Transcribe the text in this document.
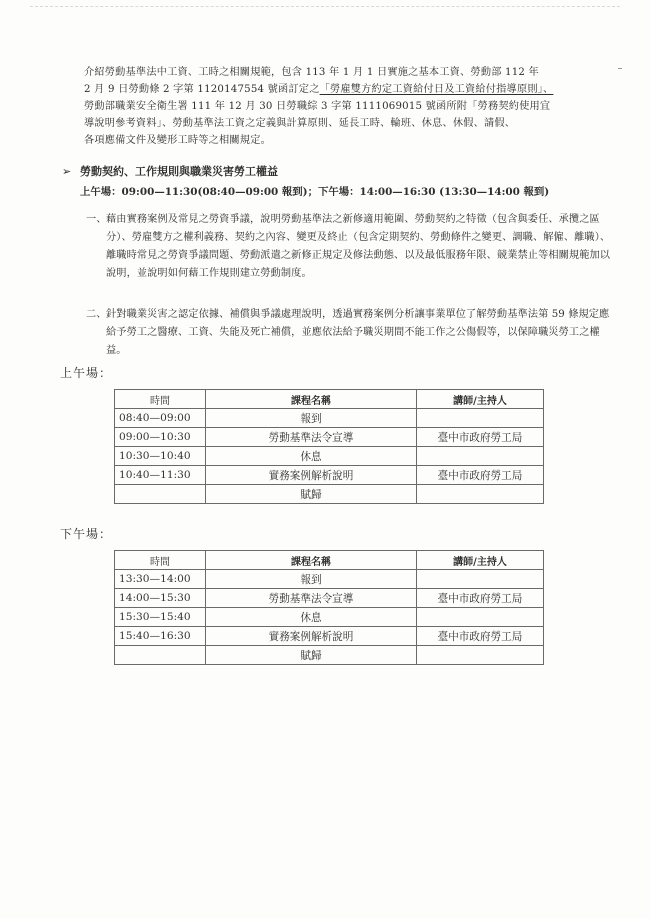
介紹勞動基準法中工資、工時之相關規範，包含 113 年 1 月 1 日實施之基本工資、勞動部 112 年
2 月 9 日勞動條 2 字第 1120147554 號函訂定之「勞雇雙方約定工資給付日及工資給付指導原則」、
勞動部職業安全衛生署 111 年 12 月 30 日勞職綜 3 字第 1111069015 號函所附「勞務契約使用宜
導說明參考資料」、勞動基準法工資之定義與計算原則、延長工時、輪班、休息、休假、請假、
各項應備文件及變形工時等之相關規定。
➢ 勞動契約、工作規則與職業災害勞工權益
上午場：09:00—11:30(08:40—09:00 報到)；下午場：14:00—16:30 (13:30—14:00 報到)
一、 藉由實務案例及常見之勞資爭議，說明勞動基準法之新修適用範圍、勞動契約之特徵（包含與委任、承攬之區分）、勞雇雙方之權利義務、契約之內容、變更及終止（包含定期契約、勞動條件之變更、調職、解僱、離職）、離職時常見之勞資爭議問題、勞動派遣之新修正規定及修法動態、以及最低服務年限、競業禁止等相關規範加以說明，並說明如何藉工作規則建立勞動制度。
二、 針對職業災害之認定依據、補償與爭議處理說明，透過實務案例分析讓事業單位了解勞動基準法第 59 條規定應給予勞工之醫療、工資、失能及死亡補償，並應依法給予職災期間不能工作之公傷假等，以保障職災勞工之權益。
上午場：
時間	課程名稱	講師/主持人
08:40—09:00	報到	
09:00—10:30	勞動基準法令宣導	臺中市政府勞工局
10:30—10:40	休息	
10:40—11:30	實務案例解析說明	臺中市政府勞工局
	賦歸	
下午場：
時間	課程名稱	講師/主持人
13:30—14:00	報到	
14:00—15:30	勞動基準法令宣導	臺中市政府勞工局
15:30—15:40	休息	
15:40—16:30	實務案例解析說明	臺中市政府勞工局
	賦歸	
